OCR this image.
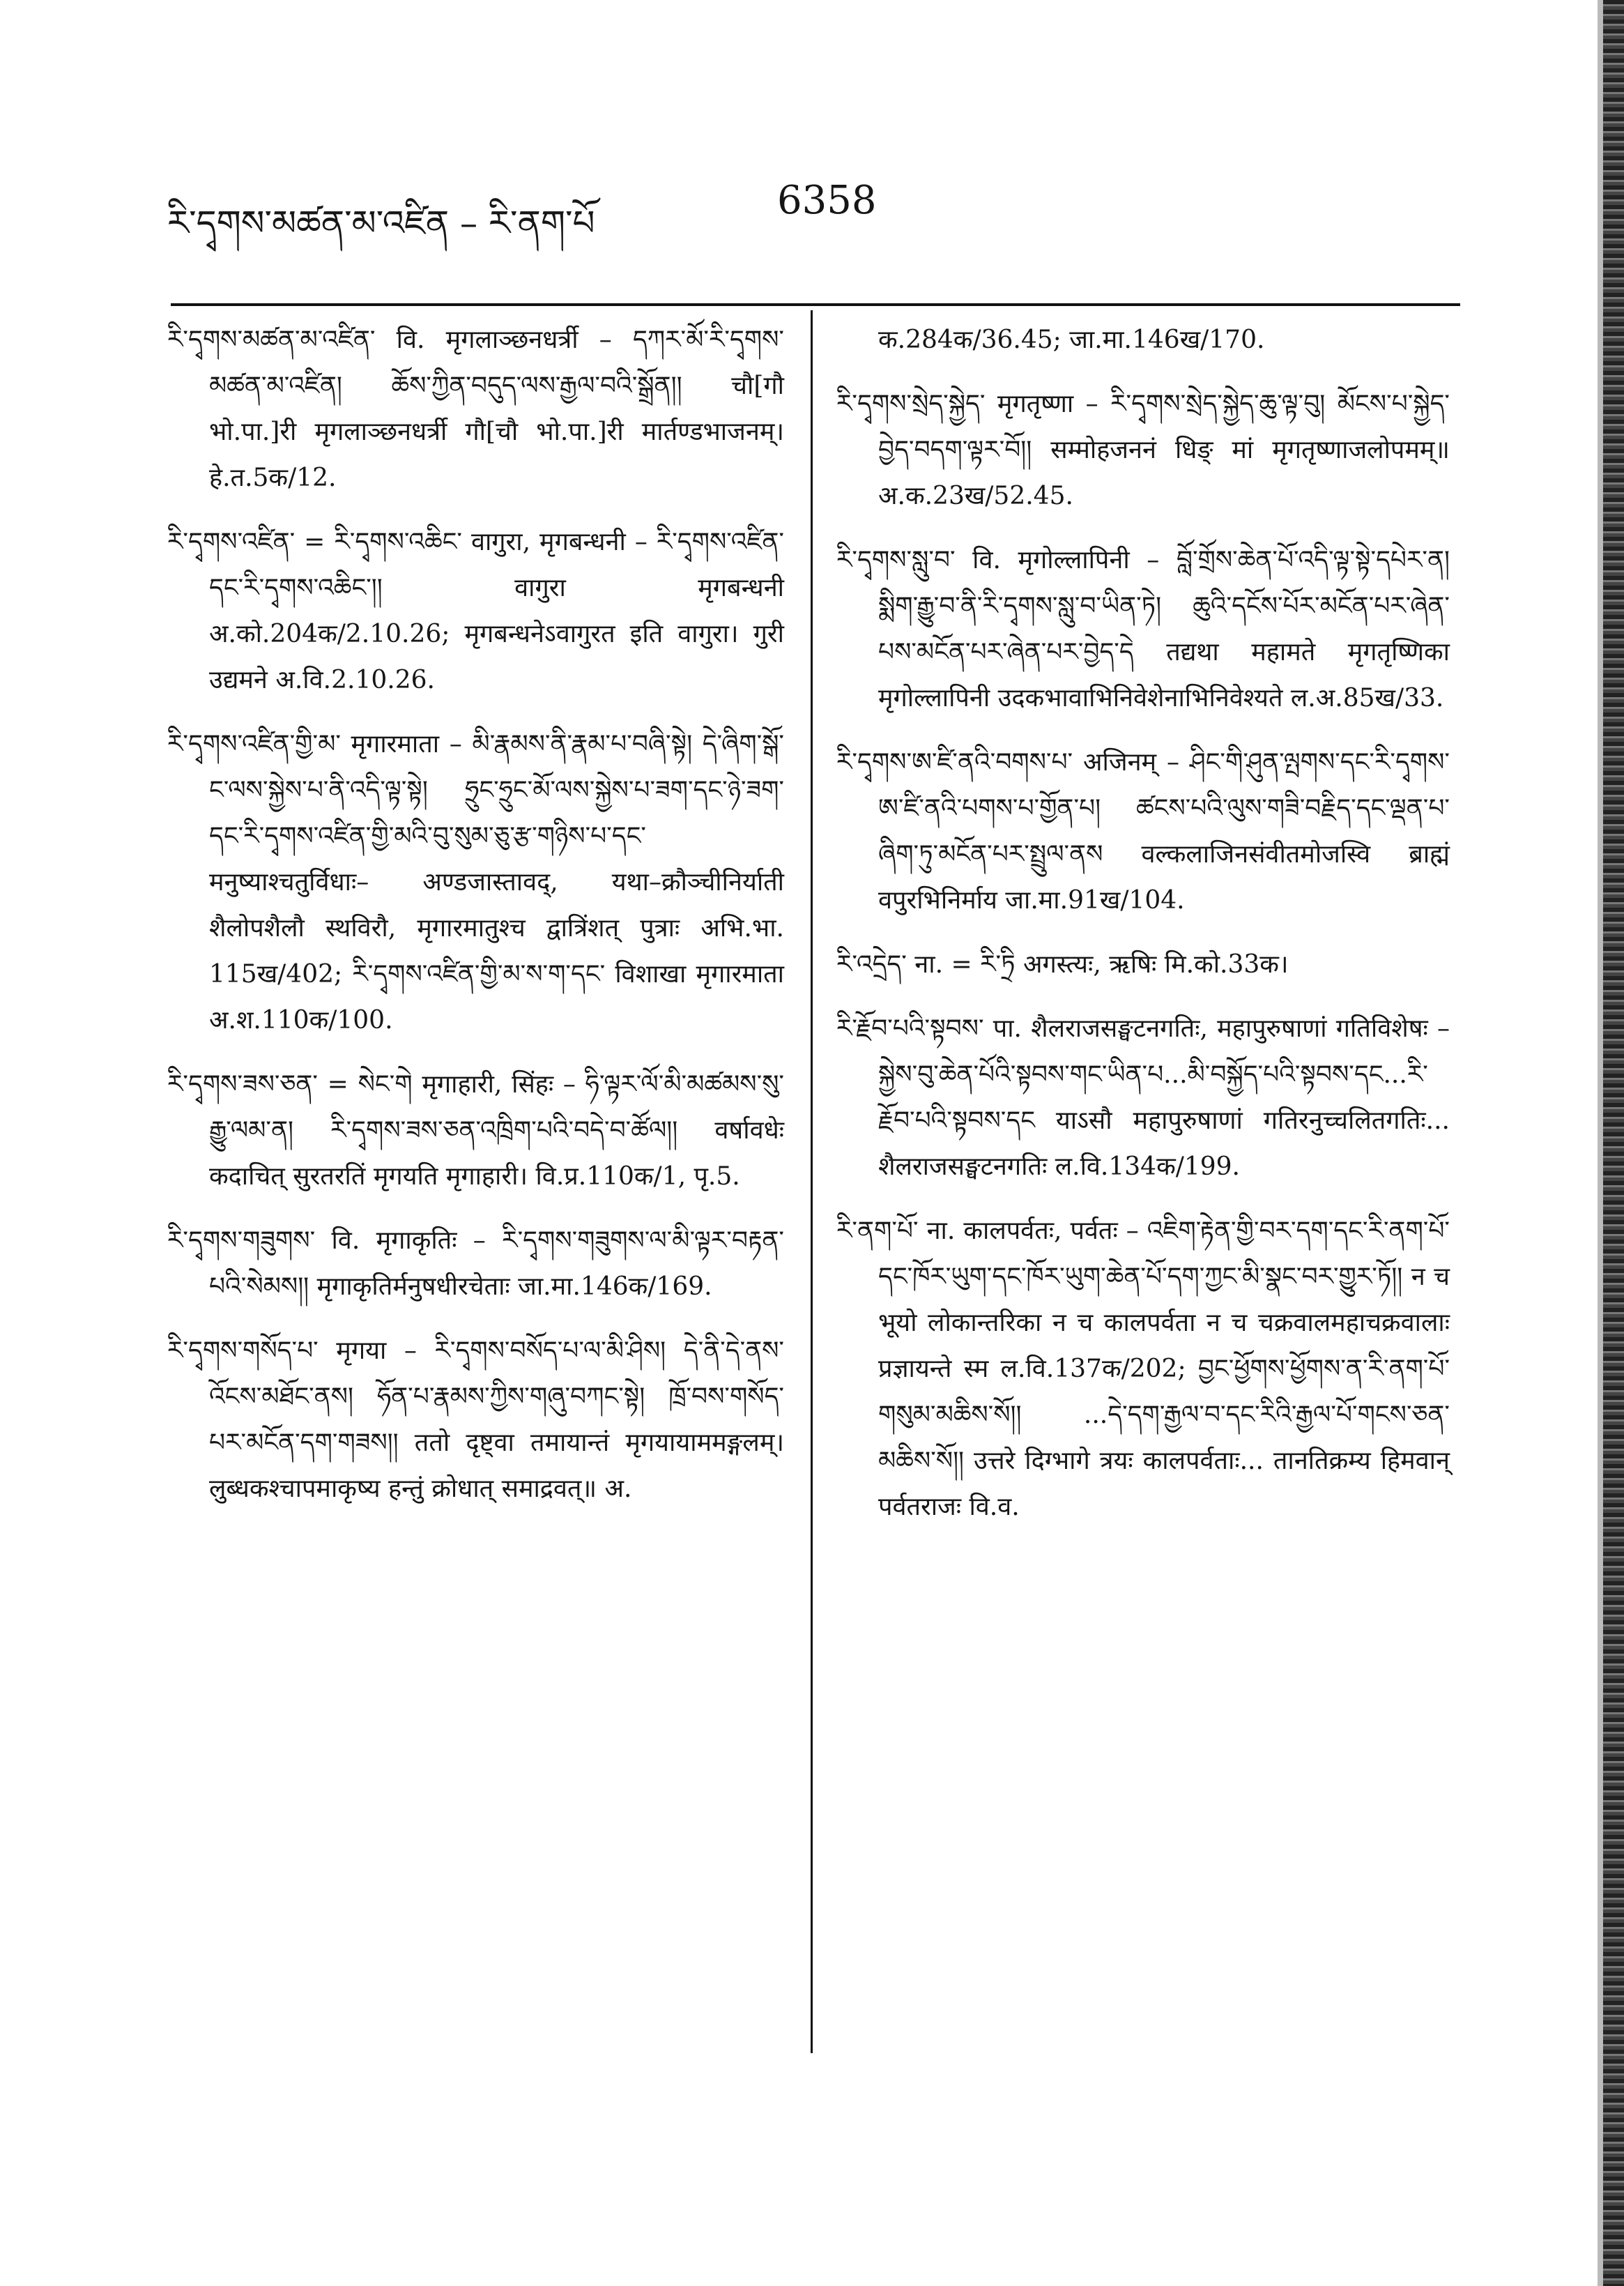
རི་དྭགས་མཚན་མ་འཛིན – རི་ནག་པོ	6358

རི་དྭགས་མཚན་མ་འཛིན་ वि. मृगलाञ्छनधर्त्री – དཀར་མོ་རི་དྭགས་མཚན་མ་འཛིན། ཆོས་ཀྱིན་བདུད་ལས་རྒྱལ་བའི་སྒྲོན།། चौ[गौ भो.पा.]री मृगलाञ्छनधर्त्री गौ[चौ भो.पा.]री मार्तण्डभाजनम्। हे.त.5क/12.

རི་དྭགས་འཛིན་ = རི་དྭགས་འཆིང་ वागुरा, मृगबन्धनी – རི་དྭགས་འཛིན་དང་རི་དྭགས་འཆིང་།། वागुरा मृगबन्धनी अ.को.204क/2.10.26; मृगबन्धनेऽवागुरत इति वागुरा। गुरी उद्यमने अ.वि.2.10.26.

རི་དྭགས་འཛིན་གྱི་མ་ मृगारमाता – མི་རྣམས་ནི་རྣམ་པ་བཞི་སྟེ། དེ་ཞིག་སྒོ་ང་ལས་སྐྱེས་པ་ནི་འདི་ལྟ་སྟེ། ཧྲུང་ཧྲུང་མོ་ལས་སྐྱེས་པ་ཟག་དང་ཉེ་ཟག་དང་རི་དྭགས་འཛིན་གྱི་མའི་བུ་སུམ་ཅུ་རྩ་གཉིས་པ་དང་ मनुष्याश्चतुर्विधाः– अण्डजास्तावद्, यथा–क्रौञ्चीनिर्याती शैलोपशैलौ स्थविरौ, मृगारमातुश्च द्वात्रिंशत् पुत्राः अभि.भा. 115ख/402; རི་དྭགས་འཛིན་གྱི་མ་ས་ག་དང་ विशाखा मृगारमाता अ.श.110क/100.

རི་དྭགས་ཟས་ཅན་ = སེང་གེ मृगाहारी, सिंहः – ཧི་ལྟར་ལོ་མི་མཚམས་སུ་རྒྱུ་ལམ་ན། རི་དྭགས་ཟས་ཅན་འཁྲིག་པའི་བདེ་བ་ཚོལ།། वर्षावधेः कदाचित् सुरतरतिं मृगयति मृगाहारी। वि.प्र.110क/1, पृ.5.

རི་དྭགས་གཟུགས་ वि. मृगाकृतिः – རི་དྭགས་གཟུགས་ལ་མི་ལྟར་བརྟན་པའི་སེམས།། मृगाकृतिर्मनुषधीरचेताः जा.मा.146क/169.

རི་དྭགས་གསོད་པ་ मृगया – རི་དྭགས་བསོད་པ་ལ་མི་ཤིས། དེ་ནི་དེ་ནས་འོངས་མཐོང་ནས། ཧོན་པ་རྣམས་ཀྱིས་གཞུ་བཀང་སྟེ། ཁྲོ་བས་གསོད་པར་མངོན་དག་གཟས།། ततो दृष्ट्वा तमायान्तं मृगयायाममङ्गलम्। लुब्धकश्चापमाकृष्य हन्तुं क्रोधात् समाद्रवत्॥ अ.

क.284क/36.45; जा.मा.146ख/170.

རི་དྭགས་སྲེད་སྐྱེད་ मृगतृष्णा – རི་དྭགས་སྲེད་སྐྱེད་ཆུ་ལྟ་བུ། མོངས་པ་སྐྱེད་བྱེད་བདག་ལྟར་བོ།། सम्मोहजननं धिङ् मां मृगतृष्णाजलोपमम्॥ अ.क.23ख/52.45.

རི་དྭགས་སླུ་བ་ वि. मृगोल्लापिनी – བློ་གྲོས་ཆེན་པོ་འདི་ལྟ་སྟེ་དཔེར་ན། སྨིག་རྒྱུ་བ་ནི་རི་དྭགས་སླུ་བ་ཡིན་ཏེ། ཆུའི་དངོས་པོར་མངོན་པར་ཞེན་པས་མངོན་པར་ཞེན་པར་བྱེད་དེ तद्यथा महामते मृगतृष्णिका मृगोल्लापिनी उदकभावाभिनिवेशेनाभिनिवेश्यते ल.अ.85ख/33.

རི་དྭགས་ཨ་ཛི་ནའི་བགས་པ་ अजिनम् – ཤིང་གི་ཤུན་ལྤགས་དང་རི་དྭགས་ཨ་ཛི་ནའི་པགས་པ་གྱོན་པ། ཚངས་པའི་ལུས་གཟི་བརྗིད་དང་ལྡན་པ་ཞིག་ཏུ་མངོན་པར་སྤྲུལ་ནས वल्कलाजिनसंवीतमोजस्वि ब्राह्मं वपुरभिनिर्माय जा.मा.91ख/104.

རི་འདྲེད་ ना. = རི་ཏྲི अगस्त्यः, ऋषिः मि.को.33क।

རི་རྗོབ་པའི་སྟབས་ पा. शैलराजसङ्घटनगतिः, महापुरुषाणां गतिविशेषः – སྐྱེས་བུ་ཆེན་པོའི་སྟབས་གང་ཡིན་པ...མི་བསྐྱོད་པའི་སྟབས་དང...རི་རྗོབ་པའི་སྟབས་དང याऽसौ महापुरुषाणां गतिरनुच्चलितगतिः... शैलराजसङ्घटनगतिः ल.वि.134क/199.

རི་ནག་པོ་ ना. कालपर्वतः, पर्वतः – འཇིག་རྟེན་གྱི་བར་དག་དང་རི་ནག་པོ་དང་ཁོར་ཡུག་དང་ཁོར་ཡུག་ཆེན་པོ་དག་ཀྱང་མི་སྣང་བར་གྱུར་ཏོ།། न च भूयो लोकान्तरिका न च कालपर्वता न च चक्रवालमहाचक्रवालाः प्रज्ञायन्ते स्म ल.वि.137क/202; བྱང་ཕྱོགས་ཕྱོགས་ན་རི་ནག་པོ་གསུམ་མཆིས་སོ།། ...དེ་དག་རྒྱལ་བ་དང་རིའི་རྒྱལ་པོ་གངས་ཅན་མཆིས་སོ།། उत्तरे दिग्भागे त्रयः कालपर्वताः... तानतिक्रम्य हिमवान् पर्वतराजः वि.व.
